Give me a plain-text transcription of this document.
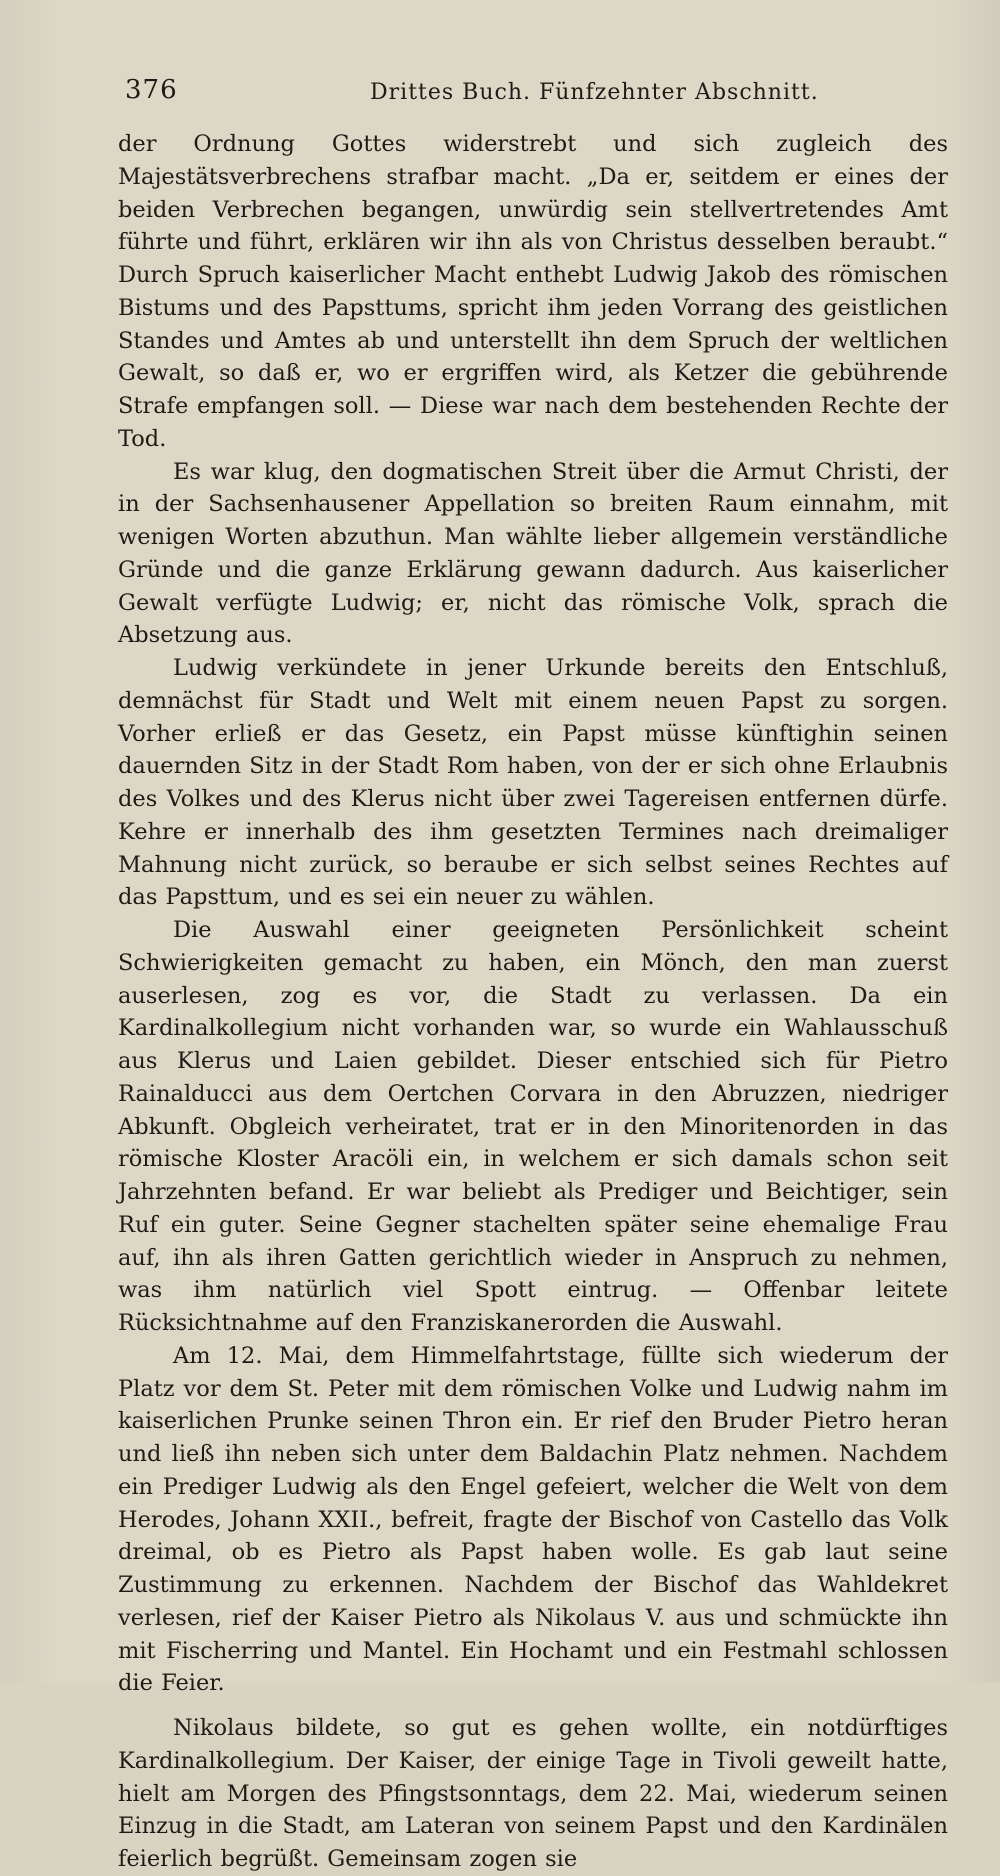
376	Drittes Buch. Fünfzehnter Abschnitt.

der Ordnung Gottes widerstrebt und sich zugleich des Majestätsverbrechens strafbar macht. „Da er, seitdem er eines der beiden Verbrechen begangen, unwürdig sein stellvertretendes Amt führte und führt, erklären wir ihn als von Christus desselben beraubt.“ Durch Spruch kaiserlicher Macht enthebt Ludwig Jakob des römischen Bistums und des Papsttums, spricht ihm jeden Vorrang des geistlichen Standes und Amtes ab und unterstellt ihn dem Spruch der weltlichen Gewalt, so daß er, wo er ergriffen wird, als Ketzer die gebührende Strafe empfangen soll. — Diese war nach dem bestehenden Rechte der Tod.

Es war klug, den dogmatischen Streit über die Armut Christi, der in der Sachsenhausener Appellation so breiten Raum einnahm, mit wenigen Worten abzuthun. Man wählte lieber allgemein verständliche Gründe und die ganze Erklärung gewann dadurch. Aus kaiserlicher Gewalt verfügte Ludwig; er, nicht das römische Volk, sprach die Absetzung aus.

Ludwig verkündete in jener Urkunde bereits den Entschluß, demnächst für Stadt und Welt mit einem neuen Papst zu sorgen. Vorher erließ er das Gesetz, ein Papst müsse künftighin seinen dauernden Sitz in der Stadt Rom haben, von der er sich ohne Erlaubnis des Volkes und des Klerus nicht über zwei Tagereisen entfernen dürfe. Kehre er innerhalb des ihm gesetzten Termines nach dreimaliger Mahnung nicht zurück, so beraube er sich selbst seines Rechtes auf das Papsttum, und es sei ein neuer zu wählen.

Die Auswahl einer geeigneten Persönlichkeit scheint Schwierigkeiten gemacht zu haben, ein Mönch, den man zuerst auserlesen, zog es vor, die Stadt zu verlassen. Da ein Kardinalkollegium nicht vorhanden war, so wurde ein Wahlausschuß aus Klerus und Laien gebildet. Dieser entschied sich für Pietro Rainalducci aus dem Oertchen Corvara in den Abruzzen, niedriger Abkunft. Obgleich verheiratet, trat er in den Minoritenorden in das römische Kloster Aracöli ein, in welchem er sich damals schon seit Jahrzehnten befand. Er war beliebt als Prediger und Beichtiger, sein Ruf ein guter. Seine Gegner stachelten später seine ehemalige Frau auf, ihn als ihren Gatten gerichtlich wieder in Anspruch zu nehmen, was ihm natürlich viel Spott eintrug. — Offenbar leitete Rücksichtnahme auf den Franziskanerorden die Auswahl.

Am 12. Mai, dem Himmelfahrtstage, füllte sich wiederum der Platz vor dem St. Peter mit dem römischen Volke und Ludwig nahm im kaiserlichen Prunke seinen Thron ein. Er rief den Bruder Pietro heran und ließ ihn neben sich unter dem Baldachin Platz nehmen. Nachdem ein Prediger Ludwig als den Engel gefeiert, welcher die Welt von dem Herodes, Johann XXII., befreit, fragte der Bischof von Castello das Volk dreimal, ob es Pietro als Papst haben wolle. Es gab laut seine Zustimmung zu erkennen. Nachdem der Bischof das Wahldekret verlesen, rief der Kaiser Pietro als Nikolaus V. aus und schmückte ihn mit Fischerring und Mantel. Ein Hochamt und ein Festmahl schlossen die Feier.

Nikolaus bildete, so gut es gehen wollte, ein notdürftiges Kardinalkollegium. Der Kaiser, der einige Tage in Tivoli geweilt hatte, hielt am Morgen des Pfingstsonntags, dem 22. Mai, wiederum seinen Einzug in die Stadt, am Lateran von seinem Papst und den Kardinälen feierlich begrüßt. Gemeinsam zogen sie
